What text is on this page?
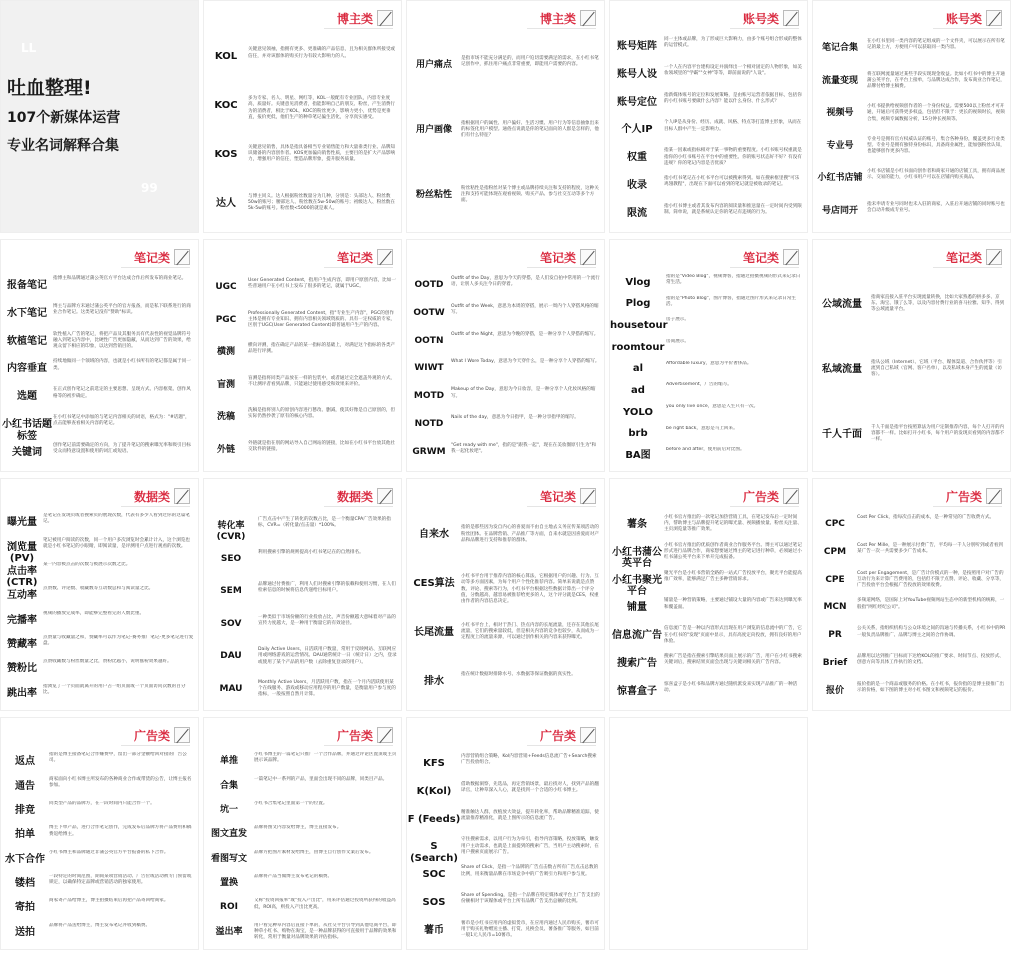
LL
吐血整理!
107个新媒体运营
专业名词解释合集
99
博主类
KOL
关键意见领袖，指拥有更多、更准确的产品信息，且为相关群体所接受或信任，并对该群体的购买行为有较大影响力的人。
KOC
多为专家、名人、明星、网红等，KOL一般配有专业团队，内容专业度高，质量好。关键意见消费者，指能影响自己的朋友、粉丝，产生消费行为的消费者，相比于KOL，KOC的粉丝更少，影响力更小，优势是更垂直，报价更低，他们生产的种草笔记偏生活化，分享真实感受。
KOS
关键意见销售，具体是指具备相当专业销售能力和大量垂类行业、品牌知识储备的内容创作者。KOS更加偏向销售性质，主要目的是扩大产品影响力，增强用户的信任，塑造品牌形象，提升服务质量。
达人
与博主同义。达人根据粉丝数量分为几种，分别是：头部达人、粉丝数50w的账号；腰部达人、粉丝数在5w-50w的账号；初级达人、粉丝数在5k-5w的账号。粉丝数<5000的就是素人。
博主类
用户痛点
是指市场不能充分满足的，而用户迫切需要满足的需求，在小红书笔记创作中，抓住用户痛点非常重要，即能用户需要的内容。
用户画像
指根据用户的属性、用户偏好、生活习惯、用户行为等信息抽象出来的标签化用户模型。通俗点说就是你的笔记面向的人群是怎样的，他们有什么特征？
粉丝粘性
粉丝粘性是指粉丝对某个博主或品牌持续关注和支持的程度，这种关注和支持可能体现在观看视频、购买产品、参与社交互动等多个方面。
账号类
账号矩阵
同一主体或品牌，为了形成巨大影响力，由多个账号组合形成的整体的运营模式。
账号人设
一个人在内容平台建构设定并演绎出一个相对固定的人物形象，如美妆领域里的"学霸""女神"等等，即前面说的"人设"。
账号定位
指新媒体账号的定位和发展策略，是由账号运营者依据目标，包括你的小红书账号要做什么内容？能以什么身份、什么形式？
个人IP
个人IP是从身份、经历、成就、风格、特点等打造博主形象，从而在目标人群中产生一定影响力。
权重
指某一因素或指标相对于某一事物的重要程度。小红书账号权重就是指你的小红书账号在平台中的重要性。你的账号状态好不好？有没有违规？你的笔记内容是否优质？
收录
指小红书笔记在小红书平台可以被搜索得到。如在搜索框里搜"可乐鸡翅教程"，出现在下面可以看到的笔记就是被收录的笔记。
限流
指小红书博主或者其发布内容的阅读量和推送量在一定时间内受到限制。简单说，就是系统认定你的笔记有违规的行为。
账号类
笔记合集
在小红书里同一类内容的笔记组成的一个文件夹，可以展示在所有笔记的最上方，方便用户可以获取同一类内容。
流量变现
将互联网流量通过某些手段实现现金收益。比如小红书中的博主开通蒲公英平台，在平台上接单，与品牌达成合作，发布商业合作笔记，品牌付给博主稿费。
视频号
小红书提供给视频创作者的一个身份权益。需要500以上粉丝才可开通，开通后可获得更多权益，包括但不限于：更长的视频时长，视频合集，视频专属数据分析，15分钟长视频等。
专业号
专业号是拥有官方权威认证的账号，集合各种身份，覆盖更多行业类型。专业号是拥有独特身份标识，具备商业属性，能加强粉丝认知，也能够创作更多内容。
小红书店铺
小红书店铺是小红书面向创作者和商家开通的店铺工具，拥有商品展示、交易的能力，小红书用户可以在店铺内购买商品。
号店同开
指未申请专业号同时也未入驻的商家，入驻后开通店铺的同时账号也会自动升级成专业号。
笔记类
报备笔记
指博主和品牌通过蒲公英官方平台达成合作后所发布的商业笔记。
水下笔记
博主与品牌方未通过蒲公英平台的官方报备，而是私下联系进行的商业合作笔记。这类笔记没有"赞助"标识。
软植笔记
软性植入广告的笔记，将把产品及其服务具有代表性的视觉品牌符号融入到笔记内容中，比硬性广告更加隐蔽，从而达到广告的效果，给观众留下相应的印象，以达到营销目的。
内容垂直
持续地做同一个领域的内容，也就是小红书所有的笔记都是属于同一类。
选题
在正式创作笔记之前选定的主要思想、呈现方式、内容框架。创作风格等的初步确定。
小红书话题标签
在小红书笔记中添加的与笔记内容相关的词语，格式为："#话题"，点击能够查看相关内容的笔记。
关键词
创作笔记前需要确定的方向，为了提升笔记的搜索曝光率和吸引目标受众而特意设置和使用的词汇或短语。
笔记类
UGC
User Generated Content，指用户生成内容，即用户原创内容，比如一些普通用户在小红书上发布了很多的笔记，就属于UGC。
PGC
Professionally Generated Content，指"专业生产内容"，PGC的创作主体是拥有专业知识、拥有内容相关领域资质的、具有一定权威的专家，区别于UGC(User Generated Content)即普通用户生产的内容。
横测
横向评测，指在确定产品的某一指标的基础上，对满足这个指标的各类产品进行评测。
盲测
盲测是指将同类产品放在一样的包装中，或者通过完全遮盖外观的方式，不让测评者看到品牌，只能通过使用感受和效果来评价。
洗稿
洗稿是指将别人的原创内容进行篡改、删减，使其好像是自己原创的，但实际仍然抄袭了原有的核心内容。
外链
外链就是指在别的网站导入自己网站的链接，比如在小红书平台放其他社交软件的链接。
笔记类
OOTD
Outfit of the Day，意思为今天的穿搭，是人们发自拍中常用的一个流行语，让别人多关注今日的穿着。
OOTW
Outfit of the Week，意思为本周的穿搭，展示一周内个人穿搭风格的缩写。
OOTN
Outfit of the Night，意思为今晚的穿搭，是一种分享个人穿搭的缩写。
WIWT
What I Wore Today，意思为今天穿什么，是一种分享个人穿搭的缩写。
MOTD
Makeup of the Day，意思为今日妆容，是一种分享个人化妆风格的缩写。
NOTD
Nails of the day，意思为今日指甲，是一种分享指甲的缩写。
GRWM
"Get ready with me"，指的是"跟我一起"，现在在美妆圈原引生为"和我一起化妆吧"。
笔记类
Vlog
指的是"Video Blog"，视频博客，指通过拍摄视频的形式来记录日常生活。
Plog
指的是"Photo Blog"，图片博客，指通过图片形式来记录日常生活。
housetour
房子展示。
roomtour
房间展示。
al
Affordable luxury，意思为平价奢侈品。
ad
Advertisement，广告的缩写。
YOLO
you only live once，意思是人生只有一次。
brb
be right back，意思是马上回来。
BA图
before and after，使用前后对比图。
笔记类
公域流量
指商家直接入驻平台实现流量转换，比如大家熟悉的拼多多、京东、淘宝、饿了么等，以及内容付费行业的喜马拉雅、知乎、得到等公域流量平台。
私域流量
指从公域（Internet）、它域（平台、媒体渠道、合作伙伴等）引流到自己私域（官网、客户名单），以及私域本身产生的流量（访客）。
千人千面
千人千面是指平台按照算法为用户定制推荐内容，每个人打开的内容都不一样。比如打开小红书，每个用户的发现页看到的内容都不一样。
数据类
曝光量
是笔记在发现页或者搜索页的展现次数，代表有多少人看到过你的这篇笔记。
浏览量(PV)
笔记被用户阅读的次数，同一个用户多次浏览时会累计计入，这个浏览也就是小红书笔记的小眼睛，即阅读量，是评测用户点进行观看的次数。
点击率(CTR)
某一内容被点击的次数与被展示次数之比。
互动率
点赞数、评论数、收藏数等互动数总和与阅读量之比。
完播率
视频的播放完成率，即能够完整看完的人数比重。
赞藏率
点赞量与收藏量之和，赞藏率可以作为笔记-赛务推广笔记-更多笔记进行复盘。
赞粉比
点赞收藏数与粉丝数量之比，赞粉比越小，说明涨粉效果越好。
跳出率
指浏览了一个页面就离开的用户占一组页面或一个页面访问次数的百分比。
数据类
转化率(CVR)
广告点击中产生了转化的次数占比，是一个衡量CPA广告效果的指标，CVR=（转化量/点击量）*100%。
SEO
利用搜索引擎的规则提高小红书笔记在的自然排名。
SEM
品牌通过付费推广，利用人们对搜索引擎的依赖和使用习惯，在人们检索信息的时候将信息传递给目标用户。
SOV
一种类似于市场份额的行业投放占比，声音份额越大意味着对产品的宣传力度越大，是一种用于衡量它的有效途径。
DAU
Daily Active Users，日活跃用户数量，常用于反映网站、互联网应用或网络游戏的运营情况。DAU通常统计一日（统计日）之内，登录或使用了某个产品的用户数（去除重复登录的用户）。
MAU
Monthly Active Users，月活跃用户数，指在一个月内活跃使用某个在线服务、游戏或移动应用程序的用户数量，是衡量用户参与度的指标，一般按照自然月计算。
笔记类
自来水
指的是那些因为发自内心的喜爱而不由自主地去义务宣传某项活动的粉丝团体。在品牌营销、产品推广等方面，自来水就是因喜爱而对产品和品牌进行支持和推荐的群体。
CES算法
小红书平台用于推荐内容的核心算法，它根据用户的兴趣、行为、互动等多方面因素，为每个用户个性化推荐内容。简单来说就是点赞数、评论、搜索等行为，小红书平台根据这些数据计算出一个评分值，分数越高，越容易被推荐给更多的人，这个评分就是CES，权重由作者的内容信息决定。
长尾流量
小红书平台上，相对于热门、热点内容的长尾流量，还存在其他长尾流量，它们的搜索量较低，但是相关内容的竞争也较少，从而成为一定程度上的流量来源，可以通过创作相关的内容来获得曝光。
排水
指在统计数据时排除水号、水数据等保证数据的真实性。
广告类
薯条
小红书官方推出的一款笔记加热营销工具，在笔记发布后一定时间内，帮助博主与品牌提升笔记的曝光量、视频播放量、粉丝关注量、主页浏览量等推广效果。
小红书蒲公英平台
小红书官方推出的优质创作者商业合作服务平台。博主可以通过笔记形式进行品牌合作，商家想要通过博主的笔记进行种草，必须通过小红书蒲公英平台来下单开完成报备。
小红书聚光平台
聚光平台是小红书营销全路的一站式广告投放平台，聚光平台能提高推广效率，能够满足广告主多种营销诉求。
铺量
铺量是一种营销策略，主要通过铺设大量的内容或广告来达到曝光率和覆盖面。
信息流广告
信息流广告是一种以内容形式出现在用户浏览的信息流中的广告，它在小红书的"发现"页面中显示，具有高度定向投放，拥有良好的用户体验。
搜索广告
搜索广告是指在搜索引擎结果页面上展示的广告，用户在小红书搜索关键词后，搜索结果页面会出现与关键词相关的广告内容。
惊喜盒子
惊喜盒子是小红书和品牌方通过随机派发来实现产品推广的一种活动。
广告类
CPC
Cost Per Click，指每次点击的成本，是一种常见的广告收费方式。
CPM
Cost Per Mille，是一种展示付费广告，平均每一千人分别听到或者看到某广告一次一共需要多少广告成本。
CPE
Cost per Engagement，是广告计价模式的一种，是按照用户对广告的互动行为来计算广告费用的，包括但不限于点赞、评论、收藏、分享等，广告投放平台会根据广告投放的效果收费。
MCN
多频道网络，是国际上对YouTube视频网站生态中的新型机构的统称，一般指"网红经纪公司"。
PR
公关关系，指组织机构与公众环境之间的沟通与传播关系，小红书中的PR一般负责品牌推广、品牌与博主之间的合作协调。
Brief
品牌用以达到推广目标而下达给KOL的推广要求、时间节点、投放形式、创意方向等具体工作执行的文档。
报价
报价指的是一个商品或服务的价格。在小红书，报价指的是博主接推广出示的价格，如下图的博主对小红书图文和视频笔记的报价。
广告类
返点
指的是博主接备笔记合作赚费中，留出一部分金额给回对接的广告公司。
通告
商家面向小红书博主所发布的各种商业合作或带货的公告，让博主报名参加。
排竞
同类型产品的品牌方，在一段时间内只能合作一个。
拍单
博主下单产品，进行合作笔记创作，完成发布后品牌方将产品费用和稿费返给博主。
水下合作
小红书博主和品牌通过非蒲公英官方平台报备的私下合作。
镂档
一段特定的时间范围，期间某项营销活动、广告位或活动被专门预留或锁定，以确保特定品牌或营销活动的独家使用。
寄拍
商家寄产品给博主，博主拍摄结束后再把产品寄回给商家。
送拍
品牌将产品送给博主，博主发布笔记并收到稿费。
广告类
单推
小红书博主的一篇笔记只推广一个合作品牌，并通过评论区置顶或主页展示该品牌。
合集
一篇笔记中一系列的产品，里面会出现不同的品牌，同类目产品。
坑一
小红书合集笔记里面第一个的位置。
图文直发
品牌将图文内容发给博主，博主直接发布。
看图写文
品牌方把图片素材发给博主，由博主自行创作文案后发布。
置换
品牌将产品当做博主发布笔记的稿费。
ROI
又称"投资回报率"或"投入产出比"，用来评估通过投资所获得的收益高低，ROI高，则投入产出比更高。
溢出率
用户看完种草内容后直接下单的，从社交平台引导到其他电商平台，即种草小红书、购物在淘宝，是一种品牌获得的可直接用于品牌的效果和转化，常用于衡量对品牌效果的评估指标。
广告类
KFS
内容营销组合策略，Kol内容营销+Feeds信息流广告+Search搜索广告投放组合。
K(Kol)
借助数据洞察，先选品，再定营销场景，最后找对人，找到产品的翻译官，让种草深入人心，就是找到一个合适的小红书博主。
F (Feeds)
精准触达人群，放植放大效益，提升转化率，帮助品牌精准追踪，使流量推荐精准化，就是上图所示的信息流广告。
S (Search)
守住搜索需求，以用户行为为牵引，指导内容策略，投放策略，触发用户主动需求，也就是上面提到的搜索广告，当用户主动搜索时，在用户搜索页面展示广告。
SOC
Share of Click，是指一个品牌的广告点击数占所有广告点击总数的比例，用来衡量品牌在市场竞争中的广告吸引力和用户参与度。
SOS
Share of Spending，是指一个品牌在特定媒体或平台上广告支出的份额相对于该媒体或平台上所有品牌广告支出总额的比例。
薯币
薯币是小红书应用内的虚拟货币，在应用内通过人民币购买，薯币可用于购买礼物赠送主播、打赏、兑换会员、薯条推广等服务，如目前一般1元人民币=10薯币。
